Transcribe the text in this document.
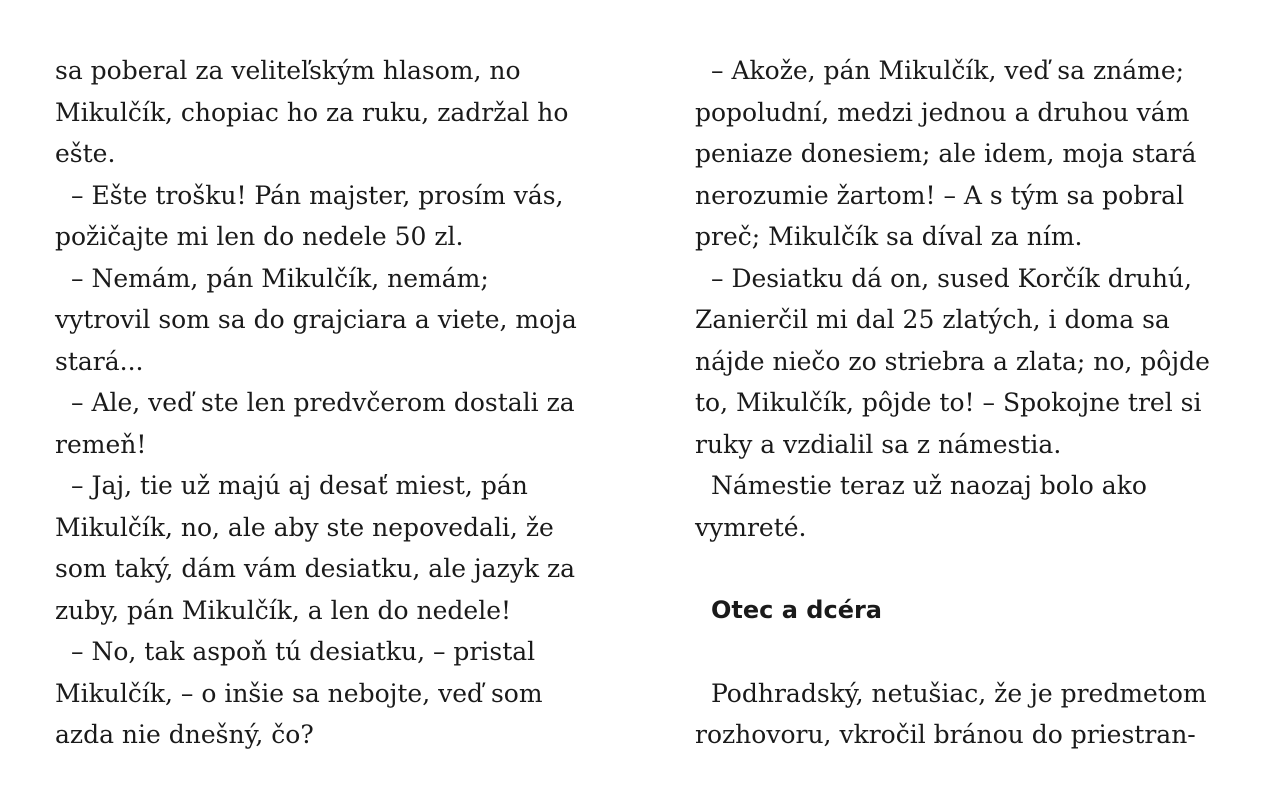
sa poberal za veliteľským hlasom, no
Mikulčík, chopiac ho za ruku, zadržal ho
ešte.
– Ešte trošku! Pán majster, prosím vás,
požičajte mi len do nedele 50 zl.
– Nemám, pán Mikulčík, nemám;
vytrovil som sa do grajciara a viete, moja
stará...
– Ale, veď ste len predvčerom dostali za
remeň!
– Jaj, tie už majú aj desať miest, pán
Mikulčík, no, ale aby ste nepovedali, že
som taký, dám vám desiatku, ale jazyk za
zuby, pán Mikulčík, a len do nedele!
– No, tak aspoň tú desiatku, – pristal
Mikulčík, – o inšie sa nebojte, veď som
azda nie dnešný, čo?
– Akože, pán Mikulčík, veď sa známe;
popoludní, medzi jednou a druhou vám
peniaze donesiem; ale idem, moja stará
nerozumie žartom! – A s tým sa pobral
preč; Mikulčík sa díval za ním.
– Desiatku dá on, sused Korčík druhú,
Zanierčil mi dal 25 zlatých, i doma sa
nájde niečo zo striebra a zlata; no, pôjde
to, Mikulčík, pôjde to! – Spokojne trel si
ruky a vzdialil sa z námestia.
Námestie teraz už naozaj bolo ako
vymreté.
Otec a dcéra
Podhradský, netušiac, že je predmetom
rozhovoru, vkročil bránou do priestran-
